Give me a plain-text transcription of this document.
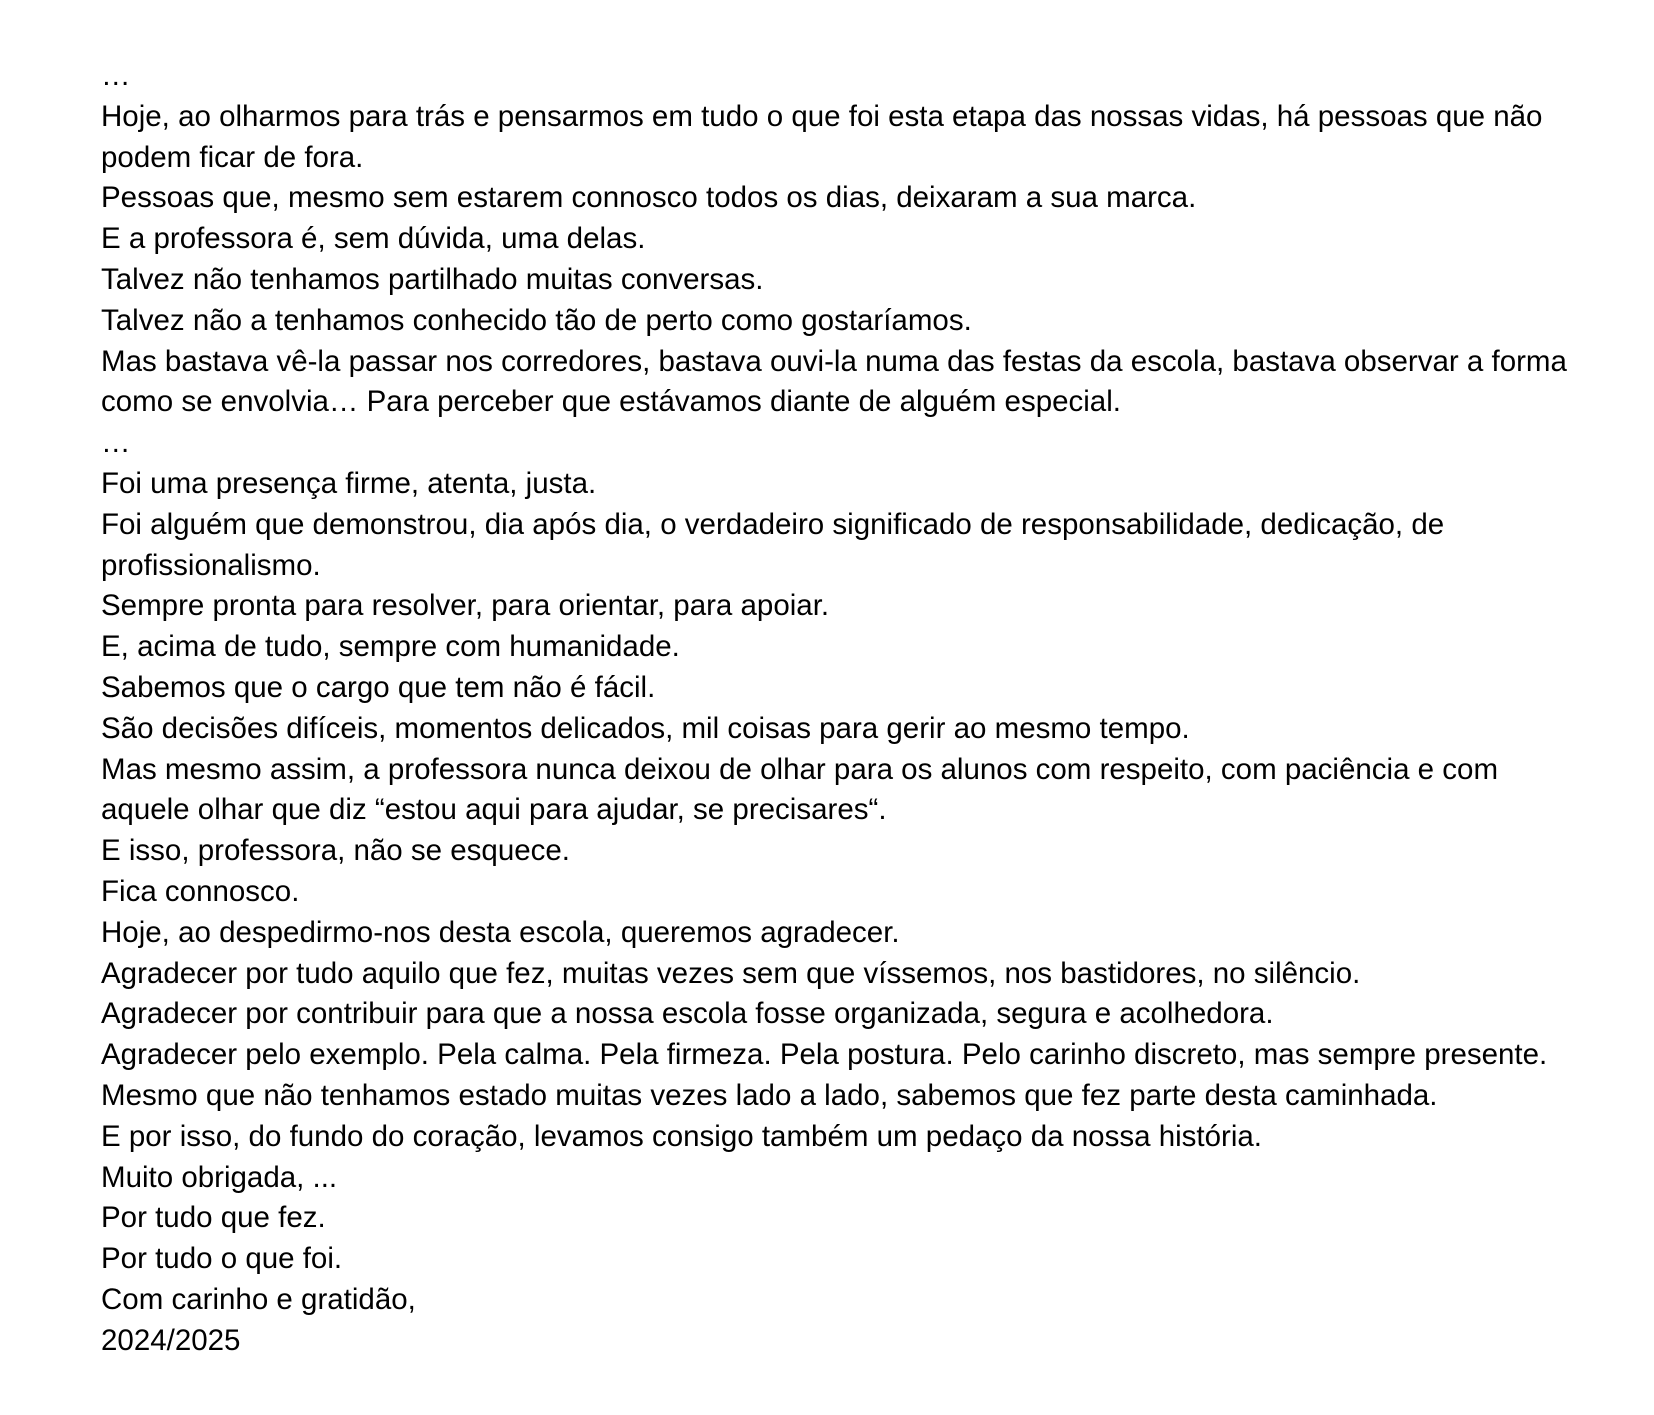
…

Hoje, ao olharmos para trás e pensarmos em tudo o que foi esta etapa das nossas vidas, há pessoas que não podem ficar de fora.

Pessoas que, mesmo sem estarem connosco todos os dias, deixaram a sua marca.

E a professora é, sem dúvida, uma delas.

Talvez não tenhamos partilhado muitas conversas.

Talvez não a tenhamos conhecido tão de perto como gostaríamos.

Mas bastava vê-la passar nos corredores, bastava ouvi-la numa das festas da escola, bastava observar a forma como se envolvia… Para perceber que estávamos diante de alguém especial.

…

Foi uma presença firme, atenta, justa.

Foi alguém que demonstrou, dia após dia, o verdadeiro significado de responsabilidade, dedicação, de profissionalismo.

Sempre pronta para resolver, para orientar, para apoiar.

E, acima de tudo, sempre com humanidade.

Sabemos que o cargo que tem não é fácil.

São decisões difíceis, momentos delicados, mil coisas para gerir ao mesmo tempo.

Mas mesmo assim, a professora nunca deixou de olhar para os alunos com respeito, com paciência e com aquele olhar que diz “estou aqui para ajudar, se precisares“.

E isso, professora, não se esquece.

Fica connosco.

Hoje, ao despedirmo-nos desta escola, queremos agradecer.

Agradecer por tudo aquilo que fez, muitas vezes sem que víssemos, nos bastidores, no silêncio.

Agradecer por contribuir para que a nossa escola fosse organizada, segura e acolhedora.

Agradecer pelo exemplo. Pela calma. Pela firmeza. Pela postura. Pelo carinho discreto, mas sempre presente.

Mesmo que não tenhamos estado muitas vezes lado a lado, sabemos que fez parte desta caminhada.

E por isso, do fundo do coração, levamos consigo também um pedaço da nossa história.

Muito obrigada, ...

Por tudo que fez.

Por tudo o que foi.

Com carinho e gratidão,

2024/2025
